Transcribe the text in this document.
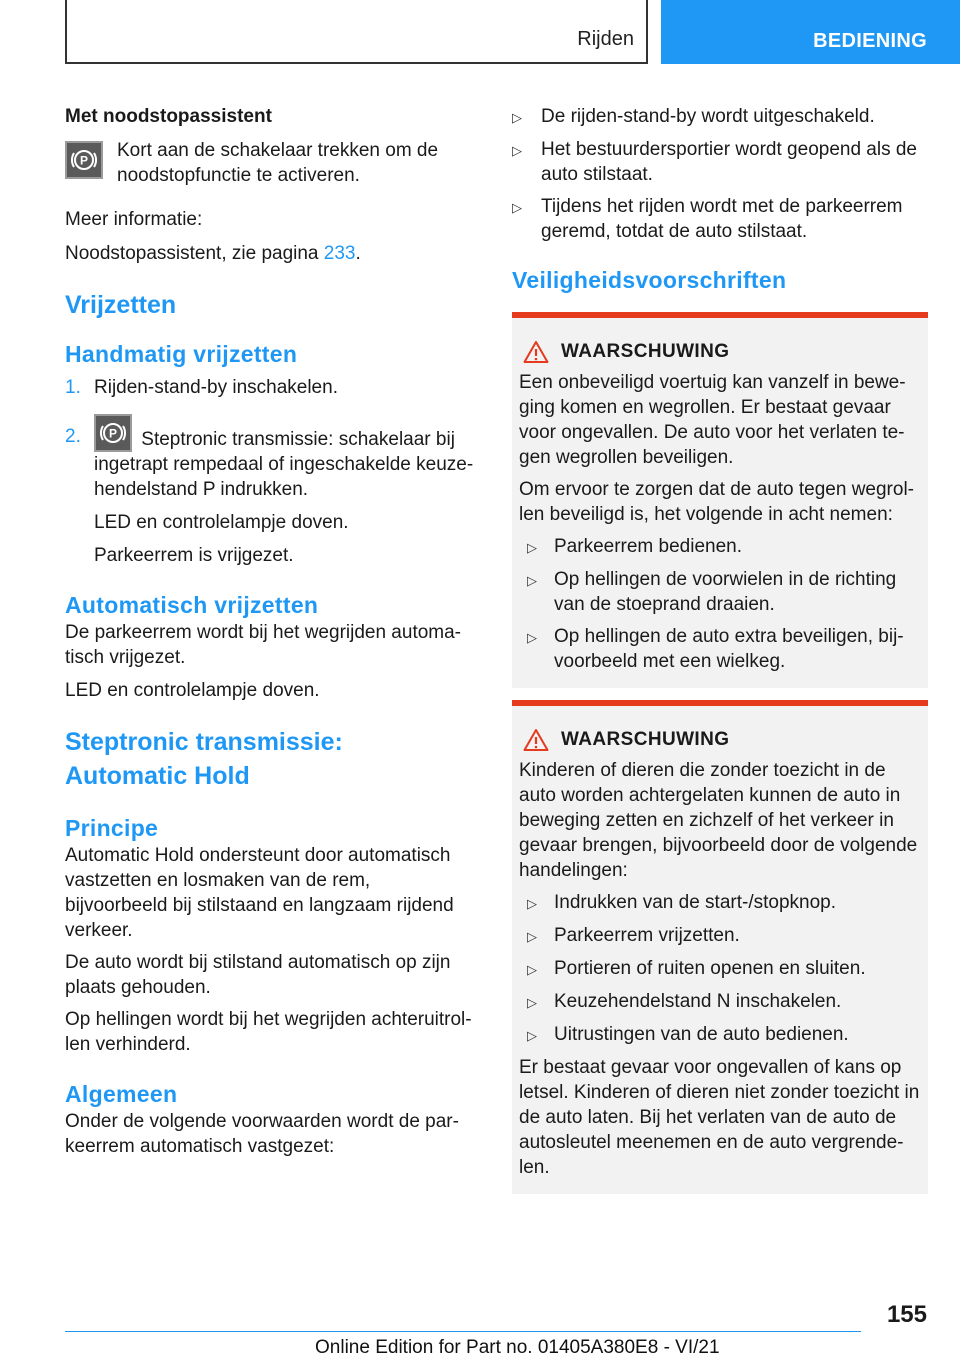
Rijden	BEDIENING

Met noodstopassistent

P Kort aan de schakelaar trekken om de noodstopfunctie te activeren.

Meer informatie:

Noodstopassistent, zie pagina 233.

Vrijzetten
Handmatig vrijzetten
1. Rijden-stand-by inschakelen.
2.	P Steptronic transmissie: schakelaar bij

ingetrapt rempedaal of ingeschakelde keuze-hendelstand P indrukken.

LED en controlelampje doven.

Parkeerrem is vrijgezet.

Automatisch vrijzetten

De parkeerrem wordt bij het wegrijden automa-tisch vrijgezet.

LED en controlelampje doven.

Steptronic transmissie: Automatic Hold
Principe

Automatic Hold ondersteunt door automatisch vastzetten en losmaken van de rem, bijvoorbeeld bij stilstaand en langzaam rijdend verkeer.

De auto wordt bij stilstand automatisch op zijn plaats gehouden.

Op hellingen wordt bij het wegrijden achteruitrol-len verhinderd.

Algemeen

Onder de volgende voorwaarden wordt de par-keerrem automatisch vastgezet:

▷	De rijden-stand-by wordt uitgeschakeld.
▷	Het bestuurdersportier wordt geopend als de auto stilstaat.
▷	Tijdens het rijden wordt met de parkeerrem geremd, totdat de auto stilstaat.
Veiligheidsvoorschriften
WAARSCHUWING

Een onbeveiligd voertuig kan vanzelf in bewe-ging komen en wegrollen. Er bestaat gevaar voor ongevallen. De auto voor het verlaten te-gen wegrollen beveiligen.

Om ervoor te zorgen dat de auto tegen wegrol-len beveiligd is, het volgende in acht nemen:

▷ Parkeerrem bedienen.
▷ Op hellingen de voorwielen in de richting van de stoeprand draaien.
▷ Op hellingen de auto extra beveiligen, bij-voorbeeld met een wielkeg.
WAARSCHUWING

Kinderen of dieren die zonder toezicht in de auto worden achtergelaten kunnen de auto in beweging zetten en zichzelf of het verkeer in gevaar brengen, bijvoorbeeld door de volgende handelingen:

▷ Indrukken van de start-/stopknop.
▷ Parkeerrem vrijzetten.
▷ Portieren of ruiten openen en sluiten.
▷ Keuzehendelstand N inschakelen.
▷ Uitrustingen van de auto bedienen.

Er bestaat gevaar voor ongevallen of kans op letsel. Kinderen of dieren niet zonder toezicht in de auto laten. Bij het verlaten van de auto de autosleutel meenemen en de auto vergrende-len.

155
Online Edition for Part no. 01405A380E8 - VI/21
